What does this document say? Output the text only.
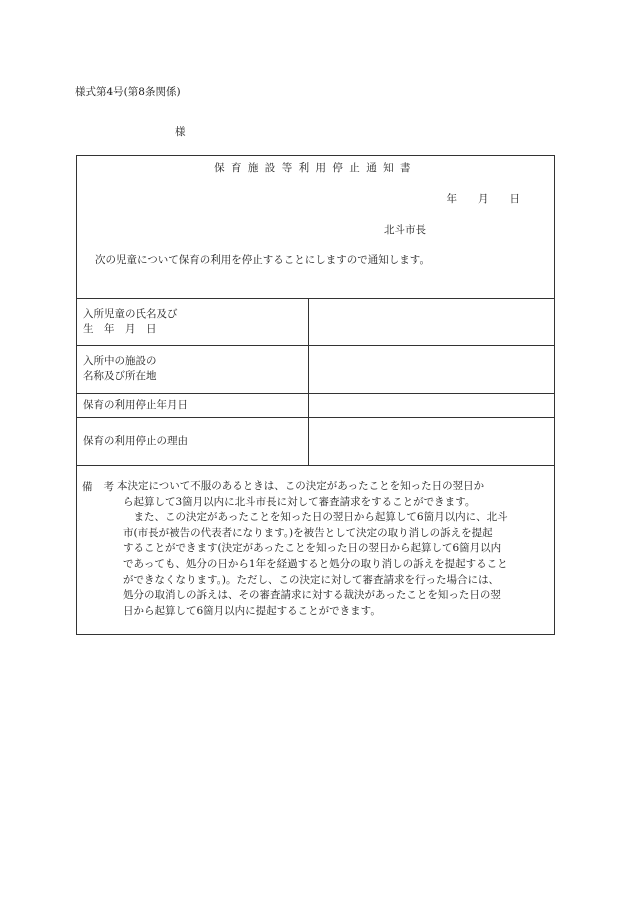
様式第4号(第8条関係)
様
保育施設等利用停止通知書
年　　月　　日
北斗市長
次の児童について保育の利用を停止することにしますので通知します。
入所児童の氏名及び
生　年　月　日
入所中の施設の
名称及び所在地
保育の利用停止年月日
保育の利用停止の理由
備考
本決定について不服のあるときは、この決定があったことを知った日の翌日か
ら起算して3箇月以内に北斗市長に対して審査請求をすることができます。
　また、この決定があったことを知った日の翌日から起算して6箇月以内に、北斗
市(市長が被告の代表者になります。)を被告として決定の取り消しの訴えを提起
することができます(決定があったことを知った日の翌日から起算して6箇月以内
であっても、処分の日から1年を経過すると処分の取り消しの訴えを提起すること
ができなくなります。)。ただし、この決定に対して審査請求を行った場合には、
処分の取消しの訴えは、その審査請求に対する裁決があったことを知った日の翌
日から起算して6箇月以内に提起することができます。
